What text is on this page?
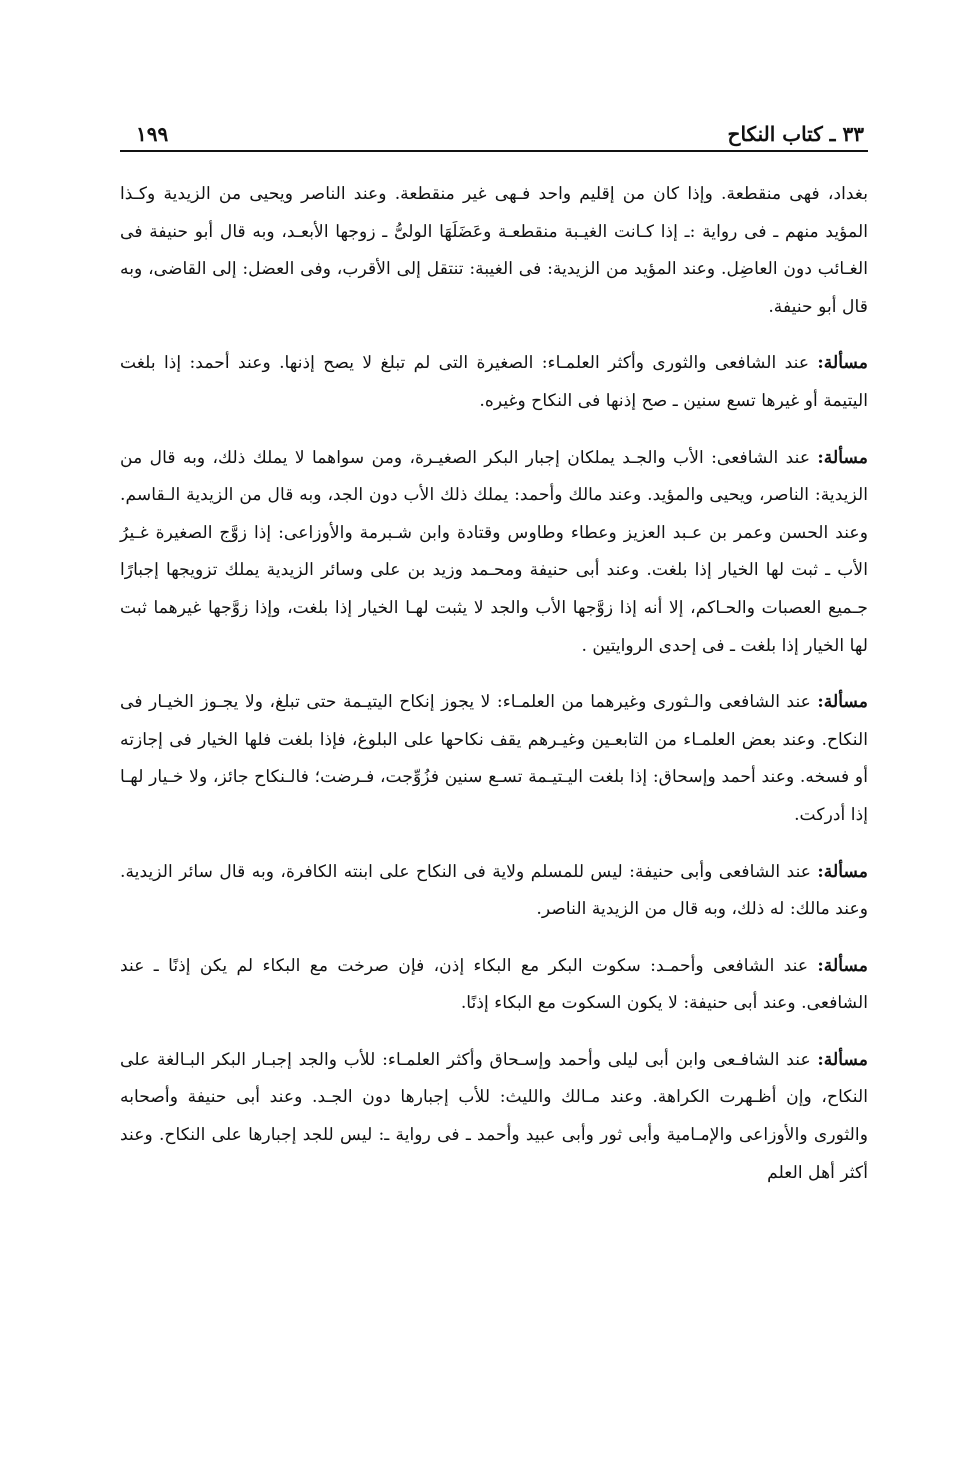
٣٣ ـ كتاب النكاح
١٩٩

بغداد، فهى منقطعة. وإذا كان من إقليم واحد فـهى غير منقطعة. وعند الناصر ويحيى من الزيدية وكـذا المؤيد منهم ـ فى رواية :ـ إذا كـانت الغيـبة منقطعـة وعَضَلَهَا الولىُّ ـ زوجها الأبعـد، وبه قال أبو حنيفة فى الغـائب دون العاضِل. وعند المؤيد من الزيدية: فى الغيبة: تنتقل إلى الأقرب، وفى العضل: إلى القاضى، وبه قال أبو حنيفة.

مسألة: عند الشافعى والثورى وأكثر العلمـاء: الصغيرة التى لم تبلغ لا يصح إذنها. وعند أحمد: إذا بلغت اليتيمة أو غيرها تسع سنين ـ صح إذنها فى النكاح وغيره.

مسألة: عند الشافعى: الأب والجـد يملكان إجبار البكر الصغيـرة، ومن سواهما لا يملك ذلك، وبه قال من الزيدية: الناصر، ويحيى والمؤيد. وعند مالك وأحمد: يملك ذلك الأب دون الجد، وبه قال من الزيدية الـقاسم. وعند الحسن وعمر بن عـبد العزيز وعطاء وطاوس وقتادة وابن شـبرمة والأوزاعى: إذا زوَّج الصغيرة غـيرُ الأب ـ ثبت لها الخيار إذا بلغت. وعند أبى حنيفة ومحـمد وزيد بن على وسائر الزيدية يملك تزويجها إجبارًا جـميع العصبات والحـاكم، إلا أنه إذا زوَّجها الأب والجد لا يثبت لهـا الخيار إذا بلغت، وإذا زوَّجها غيرهما ثبت لها الخيار إذا بلغت ـ فى إحدى الروايتين .

مسألة: عند الشافعى والـثورى وغيرهما من العلمـاء: لا يجوز إنكاح اليتيـمة حتى تبلغ، ولا يجـوز الخيـار فى النكاح. وعند بعض العلمـاء من التابعـين وغيـرهم يقف نكاحها على البلوغ، فإذا بلغت فلها الخيار فى إجازته أو فسخه. وعند أحمد وإسحاق: إذا بلغت اليـتيـمة تسـع سنين فزُوِّجت، فـرضت؛ فالـنكاح جائز، ولا خـيار لهـا إذا أدركت.

مسألة: عند الشافعى وأبى حنيفة: ليس للمسلم ولاية فى النكاح على ابنته الكافرة، وبه قال سائر الزيدية. وعند مالك: له ذلك، وبه قال من الزيدية الناصر.

مسألة: عند الشافعى وأحمـد: سكوت البكر مع البكاء إذن، فإن صرخت مع البكاء لم يكن إذنًا ـ عند الشافعى. وعند أبى حنيفة: لا يكون السكوت مع البكاء إذنًا.

مسألة: عند الشافـعى وابن أبى ليلى وأحمد وإسـحاق وأكثر العلمـاء: للأب والجد إجبـار البكر البـالغة على النكاح، وإن أظـهرت الكراهة. وعند مـالك والليث: للأب إجبارها دون الجـد. وعند أبى حنيفة وأصحابه والثورى والأوزاعى والإمـامية وأبى ثور وأبى عبيد وأحمد ـ فى رواية ـ: ليس للجد إجبارها على النكاح. وعند أكثر أهل العلم
